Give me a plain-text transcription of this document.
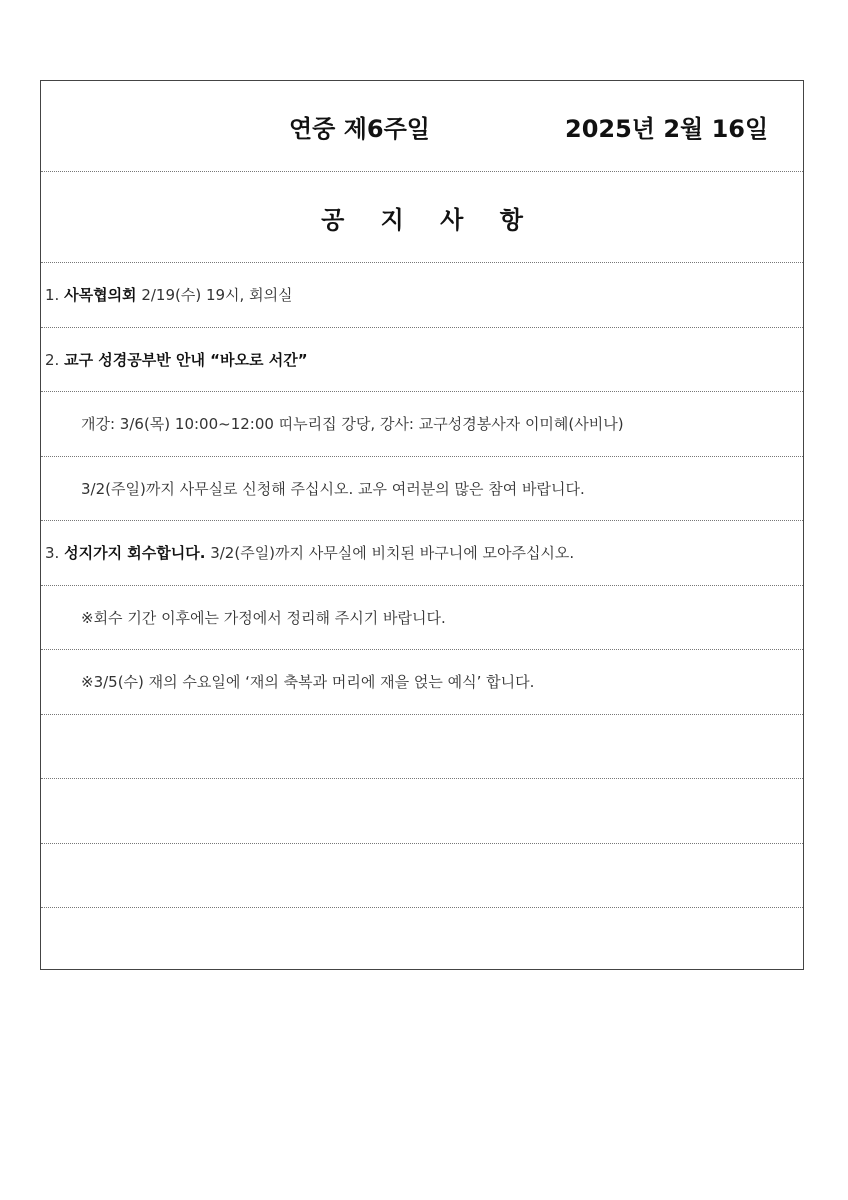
연중 제6주일	2025년 2월 16일
공 지 사 항
1. 사목협의회 2/19(수) 19시, 회의실
2. 교구 성경공부반 안내 “바오로 서간”
개강: 3/6(목) 10:00~12:00 띠누리집 강당, 강사: 교구성경봉사자 이미혜(사비나)
3/2(주일)까지 사무실로 신청해 주십시오. 교우 여러분의 많은 참여 바랍니다.
3. 성지가지 회수합니다. 3/2(주일)까지 사무실에 비치된 바구니에 모아주십시오.
※회수 기간 이후에는 가정에서 정리해 주시기 바랍니다.
※3/5(수) 재의 수요일에 ‘재의 축복과 머리에 재을 얹는 예식’ 합니다.
